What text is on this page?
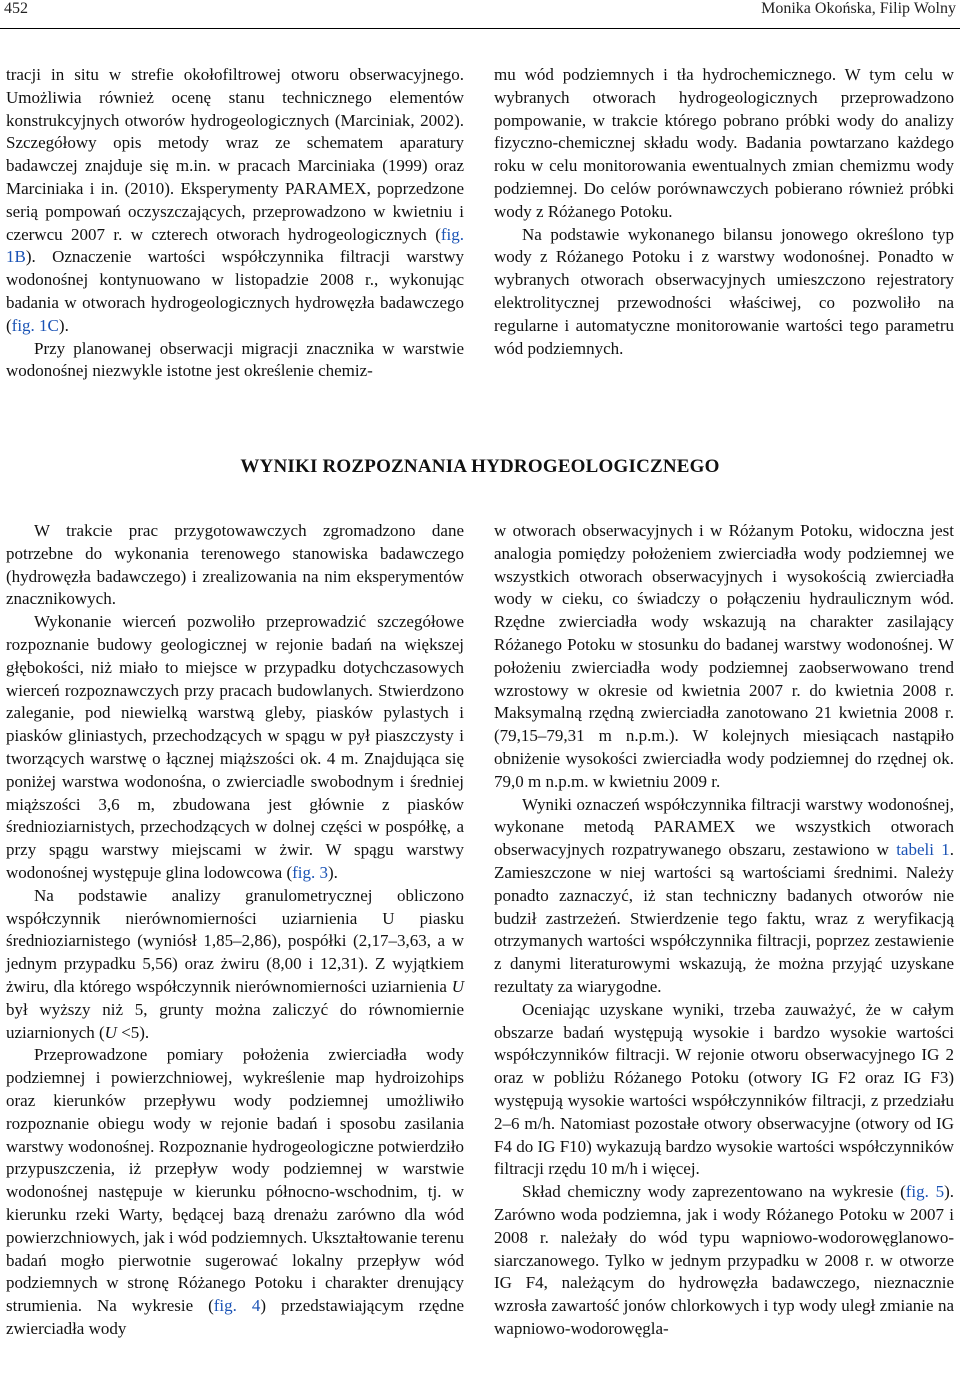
452	Monika Okońska, Filip Wolny

tracji in situ w strefie okołofiltrowej otworu obserwacyjnego. Umożliwia również ocenę stanu technicznego elementów konstrukcyjnych otworów hydrogeologicznych (Marciniak, 2002). Szczegółowy opis metody wraz ze schematem aparatury badawczej znajduje się m.in. w pracach Marciniaka (1999) oraz Marciniaka i in. (2010). Eksperymenty PARAMEX, poprzedzone serią pompowań oczyszczających, przeprowadzono w kwietniu i czerwcu 2007 r. w czterech otworach hydrogeologicznych (fig. 1B). Oznaczenie wartości współczynnika filtracji warstwy wodonośnej kontynuowano w listopadzie 2008 r., wykonując badania w otworach hydrogeologicznych hydrowęzła badawczego (fig. 1C).

Przy planowanej obserwacji migracji znacznika w warstwie wodonośnej niezwykle istotne jest określenie chemiz-

mu wód podziemnych i tła hydrochemicznego. W tym celu w wybranych otworach hydrogeologicznych przeprowadzono pompowanie, w trakcie którego pobrano próbki wody do analizy fizyczno-chemicznej składu wody. Badania powtarzano każdego roku w celu monitorowania ewentualnych zmian chemizmu wody podziemnej. Do celów porównawczych pobierano również próbki wody z Różanego Potoku.

Na podstawie wykonanego bilansu jonowego określono typ wody z Różanego Potoku i z warstwy wodonośnej. Ponadto w wybranych otworach obserwacyjnych umieszczono rejestratory elektrolitycznej przewodności właściwej, co pozwoliło na regularne i automatyczne monitorowanie wartości tego parametru wód podziemnych.

WYNIKI ROZPOZNANIA HYDROGEOLOGICZNEGO

W trakcie prac przygotowawczych zgromadzono dane potrzebne do wykonania terenowego stanowiska badawczego (hydrowęzła badawczego) i zrealizowania na nim eksperymentów znacznikowych.

Wykonanie wierceń pozwoliło przeprowadzić szczegółowe rozpoznanie budowy geologicznej w rejonie badań na większej głębokości, niż miało to miejsce w przypadku dotychczasowych wierceń rozpoznawczych przy pracach budowlanych. Stwierdzono zaleganie, pod niewielką warstwą gleby, piasków pylastych i piasków gliniastych, przechodzących w spągu w pył piaszczysty i tworzących warstwę o łącznej miąższości ok. 4 m. Znajdująca się poniżej warstwa wodonośna, o zwierciadle swobodnym i średniej miąższości 3,6 m, zbudowana jest głównie z piasków średnioziarnistych, przechodzących w dolnej części w pospółkę, a przy spągu warstwy miejscami w żwir. W spągu warstwy wodonośnej występuje glina lodowcowa (fig. 3).

Na podstawie analizy granulometrycznej obliczono współczynnik nierównomierności uziarnienia U piasku średnioziarnistego (wyniósł 1,85–2,86), pospółki (2,17–3,63, a w jednym przypadku 5,56) oraz żwiru (8,00 i 12,31). Z wyjątkiem żwiru, dla którego współczynnik nierównomierności uziarnienia U był wyższy niż 5, grunty można zaliczyć do równomiernie uziarnionych (U <5).

Przeprowadzone pomiary położenia zwierciadła wody podziemnej i powierzchniowej, wykreślenie map hydroizohips oraz kierunków przepływu wody podziemnej umożliwiło rozpoznanie obiegu wody w rejonie badań i sposobu zasilania warstwy wodonośnej. Rozpoznanie hydrogeologiczne potwierdziło przypuszczenia, iż przepływ wody podziemnej w warstwie wodonośnej następuje w kierunku północno-wschodnim, tj. w kierunku rzeki Warty, będącej bazą drenażu zarówno dla wód powierzchniowych, jak i wód podziemnych. Ukształtowanie terenu badań mogło pierwotnie sugerować lokalny przepływ wód podziemnych w stronę Różanego Potoku i charakter drenujący strumienia. Na wykresie (fig. 4) przedstawiającym rzędne zwierciadła wody

w otworach obserwacyjnych i w Różanym Potoku, widoczna jest analogia pomiędzy położeniem zwierciadła wody podziemnej we wszystkich otworach obserwacyjnych i wysokością zwierciadła wody w cieku, co świadczy o połączeniu hydraulicznym wód. Rzędne zwierciadła wody wskazują na charakter zasilający Różanego Potoku w stosunku do badanej warstwy wodonośnej. W położeniu zwierciadła wody podziemnej zaobserwowano trend wzrostowy w okresie od kwietnia 2007 r. do kwietnia 2008 r. Maksymalną rzędną zwierciadła zanotowano 21 kwietnia 2008 r. (79,15–79,31 m n.p.m.). W kolejnych miesiącach nastąpiło obniżenie wysokości zwierciadła wody podziemnej do rzędnej ok. 79,0 m n.p.m. w kwietniu 2009 r.

Wyniki oznaczeń współczynnika filtracji warstwy wodonośnej, wykonane metodą PARAMEX we wszystkich otworach obserwacyjnych rozpatrywanego obszaru, zestawiono w tabeli 1. Zamieszczone w niej wartości są wartościami średnimi. Należy ponadto zaznaczyć, iż stan techniczny badanych otworów nie budził zastrzeżeń. Stwierdzenie tego faktu, wraz z weryfikacją otrzymanych wartości współczynnika filtracji, poprzez zestawienie z danymi literaturowymi wskazują, że można przyjąć uzyskane rezultaty za wiarygodne.

Oceniając uzyskane wyniki, trzeba zauważyć, że w całym obszarze badań występują wysokie i bardzo wysokie wartości współczynników filtracji. W rejonie otworu obserwacyjnego IG 2 oraz w pobliżu Różanego Potoku (otwory IG F2 oraz IG F3) występują wysokie wartości współczynników filtracji, z przedziału 2–6 m/h. Natomiast pozostałe otwory obserwacyjne (otwory od IG F4 do IG F10) wykazują bardzo wysokie wartości współczynników filtracji rzędu 10 m/h i więcej.

Skład chemiczny wody zaprezentowano na wykresie (fig. 5). Zarówno woda podziemna, jak i wody Różanego Potoku w 2007 i 2008 r. należały do wód typu wapniowo-wodorowęglanowo-siarczanowego. Tylko w jednym przypadku w 2008 r. w otworze IG F4, należącym do hydrowęzła badawczego, nieznacznie wzrosła zawartość jonów chlorkowych i typ wody uległ zmianie na wapniowo-wodorowęgla-
